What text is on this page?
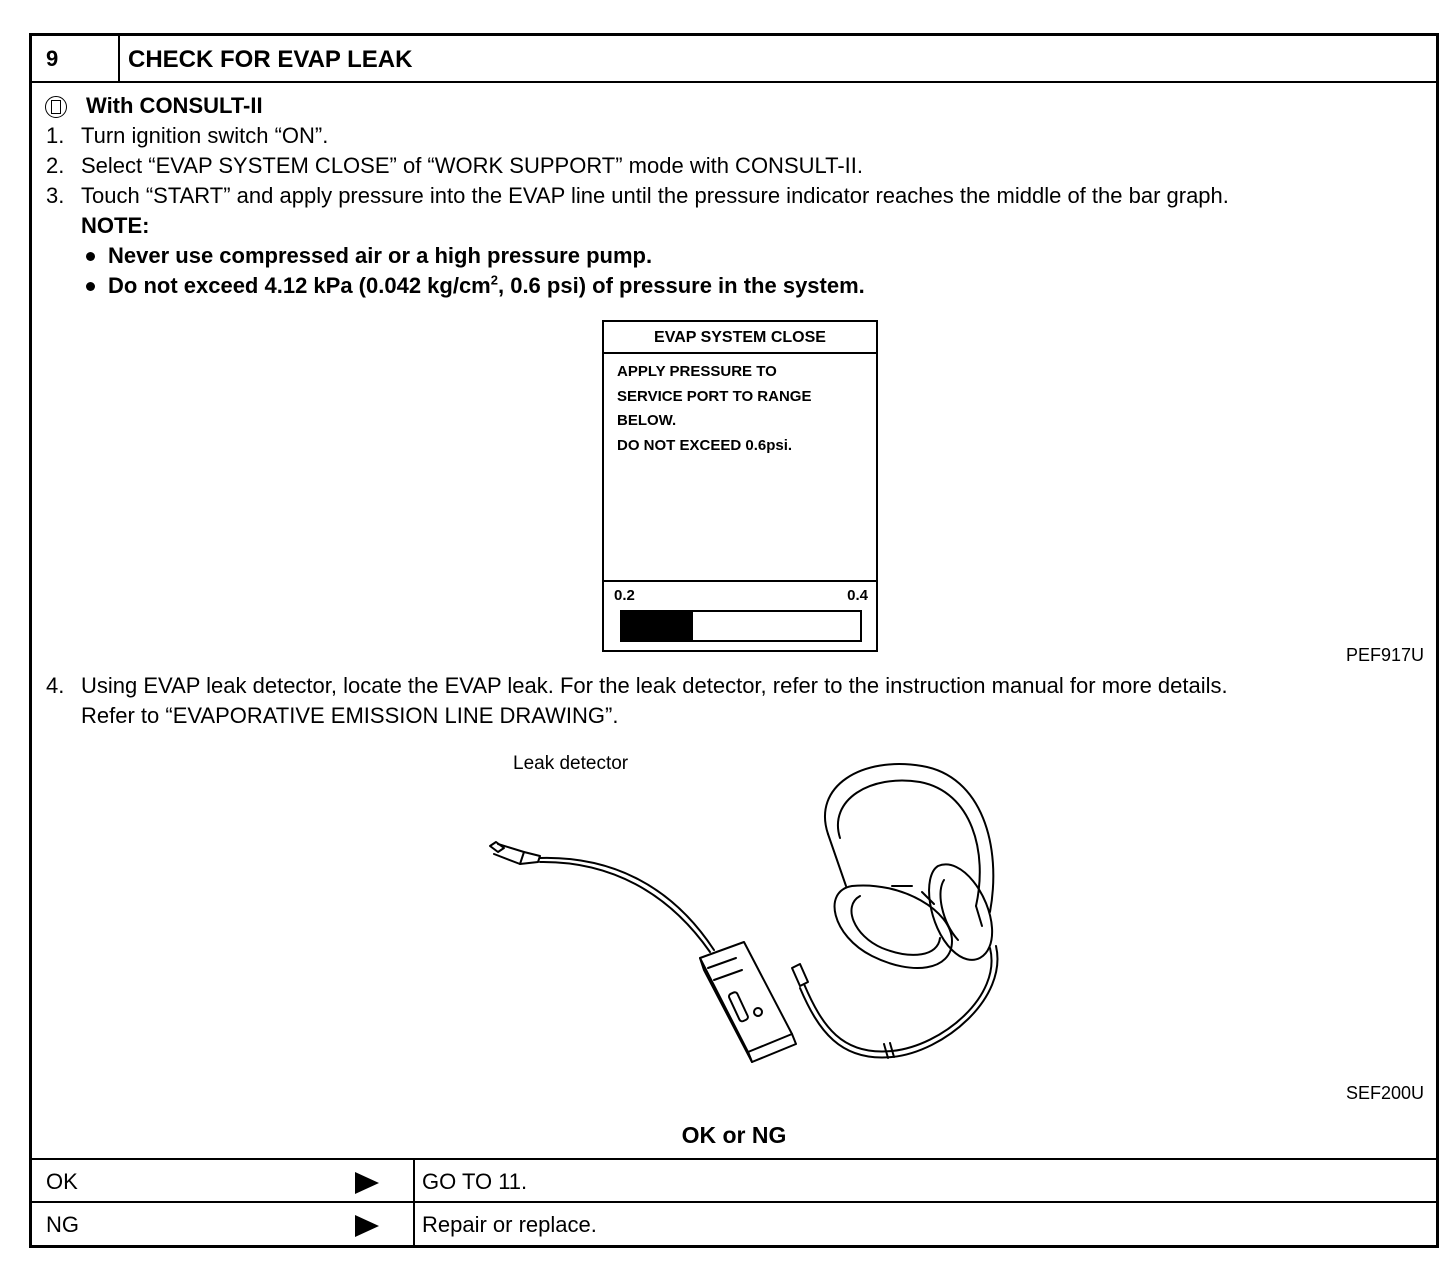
9	CHECK FOR EVAP LEAK
With CONSULT-II
1. Turn ignition switch “ON”.
2. Select “EVAP SYSTEM CLOSE” of “WORK SUPPORT” mode with CONSULT-II.
3. Touch “START” and apply pressure into the EVAP line until the pressure indicator reaches the middle of the bar graph.
NOTE:
Never use compressed air or a high pressure pump.
Do not exceed 4.12 kPa (0.042 $kg/cm^2$, 0.6 psi) of pressure in the system.
EVAP SYSTEM CLOSE
APPLY PRESSURE TO
SERVICE PORT TO RANGE
BELOW.
DO NOT EXCEED 0.6psi.
0.2	0.4
PEF917U
4. Using EVAP leak detector, locate the EVAP leak. For the leak detector, refer to the instruction manual for more details.
Refer to “EVAPORATIVE EMISSION LINE DRAWING”.
Leak detector
SEF200U
OK or NG
OK	GO TO 11.
NG	Repair or replace.
